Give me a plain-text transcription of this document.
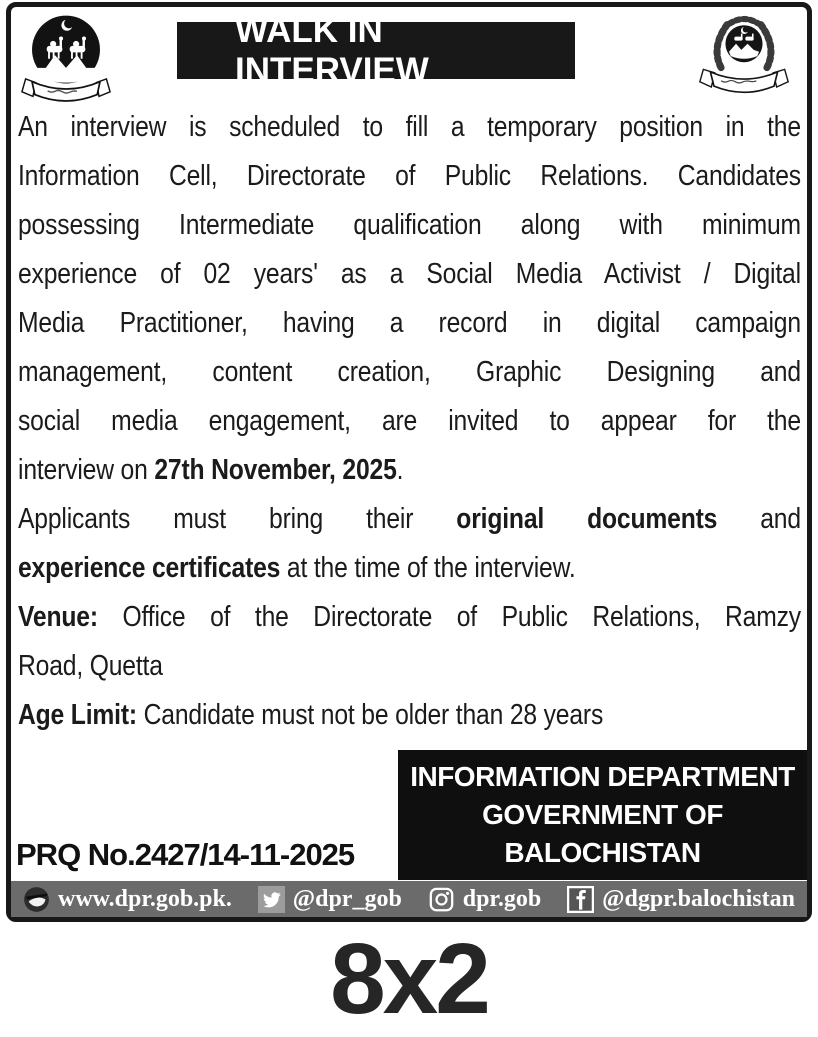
WALK IN INTERVIEW
An interview is scheduled to fill a temporary position in the
Information Cell, Directorate of Public Relations. Candidates
possessing Intermediate qualification along with minimum
experience of 02 years' as a Social Media Activist / Digital
Media Practitioner, having a record in digital campaign
management, content creation, Graphic Designing and
social media engagement, are invited to appear for the
interview on 27th November, 2025.
Applicants must bring their original documents and
experience certificates at the time of the interview.
Venue: Office of the Directorate of Public Relations, Ramzy
Road, Quetta
Age Limit: Candidate must not be older than 28 years
INFORMATION DEPARTMENT
GOVERNMENT OF
BALOCHISTAN
PRQ No.2427/14-11-2025
www.dpr.gob.pk.	@dpr_gob	dpr.gob	@dgpr.balochistan
8x2
